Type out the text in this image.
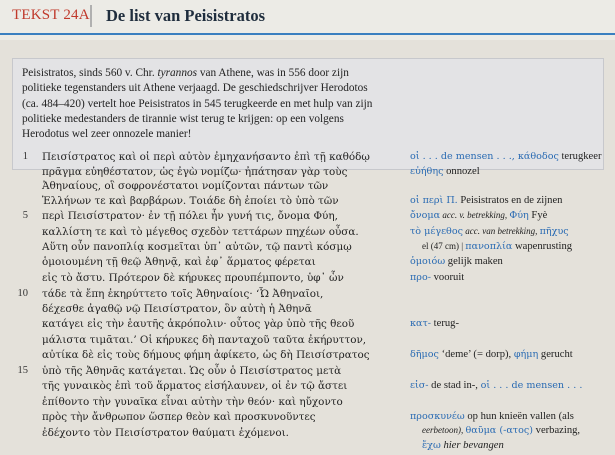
TEKST 24A De list van Peisistratos
Peisistratos, sinds 560 v. Chr. tyrannos van Athene, was in 556 door zijn politieke tegenstanders uit Athene verjaagd. De geschiedschrijver Herodotos (ca. 484–420) vertelt hoe Peisistratos in 545 terugkeerde en met hulp van zijn politieke medestanders de tirannie wist terug te krijgen: op een volgens Herodotus wel zeer onnozele manier!
1
5
10
15
Πεισίστρατος καὶ οἱ περὶ αὐτὸν ἐμηχανήσαντο ἐπὶ τῇ καθόδῳ
πρᾶγμα εὐηθέστατον, ὡς ἐγὼ νομίζω· ἠπάτησαν γὰρ τοὺς
Ἀθηναίους, οἳ σοφρονέστατοι νομίζονται πάντων τῶν
Ἑλλήνων τε καὶ βαρβάρων. Τοιάδε δὴ ἐποίει τὸ ὑπὸ τῶν
περὶ Πεισίστρατον· ἐν τῇ πόλει ἦν γυνή τις, ὄνομα Φύη,
καλλίστη τε καὶ τὸ μέγεθος σχεδὸν τεττάρων πηχέων οὖσα.
Αὕτη οὖν πανοπλίᾳ κοσμεῖται ὑπ᾽ αὐτῶν, τῷ παντὶ κόσμῳ
ὁμοιουμένη τῇ θεῷ Ἀθηνᾷ, καὶ ἐφ᾽ ἅρματος φέρεται
εἰς τὸ ἄστυ. Πρότερον δὲ κήρυκες προυπέμποντο, ὑφ᾽ ὧν
τάδε τὰ ἔπη ἐκηρύττετο τοῖς Ἀθηναίοις· ‘Ὦ Ἀθηναῖοι,
δέχεσθε ἀγαθῷ νῷ Πεισίστρατον, ὃν αὐτὴ ἡ Ἀθηνᾶ
κατάγει εἰς τὴν ἑαυτῆς ἀκρόπολιν· οὗτος γὰρ ὑπὸ τῆς θεοῦ
μάλιστα τιμᾶται.’ Οἱ κήρυκες δὴ πανταχοῦ ταῦτα ἐκήρυττον,
αὐτίκα δὲ εἰς τοὺς δήμους φήμη ἀφίκετο, ὡς δὴ Πεισίστρατος
ὑπὸ τῆς Ἀθηνᾶς κατάγεται. Ὡς οὖν ὁ Πεισίστρατος μετὰ
τῆς γυναικὸς ἐπὶ τοῦ ἅρματος εἰσήλαυνεν, οἱ ἐν τῷ ἄστει
ἐπίθοντο τὴν γυναῖκα εἶναι αὐτὴν τὴν θεόν· καὶ ηὔχοντο
πρὸς τὴν ἄνθρωπον ὥσπερ θεὸν καὶ προσκυνοῦντες
ἐδέχοντο τὸν Πεισίστρατον θαύματι ἐχόμενοι.
οἱ . . . de mensen . . ., κάθοδος terugkeer
εὐήθης onnozel
οἱ περὶ Π. Peisistratos en de zijnen
ὄνομα acc. v. betrekking, Φύη Fyè
τὸ μέγεθος acc. van betrekking, πῆχυς
el (47 cm) | πανοπλία wapenrusting
ὁμοιόω gelijk maken
προ- vooruit
κατ- terug-
δῆμος ‘deme’ (= dorp), φήμη gerucht
εἰσ- de stad in-, οἱ . . . de mensen . . .
προσκυνέω op hun knieën vallen (als
eerbetoon), θαῦμα (-ατος) verbazing,
ἔχω hier bevangen
